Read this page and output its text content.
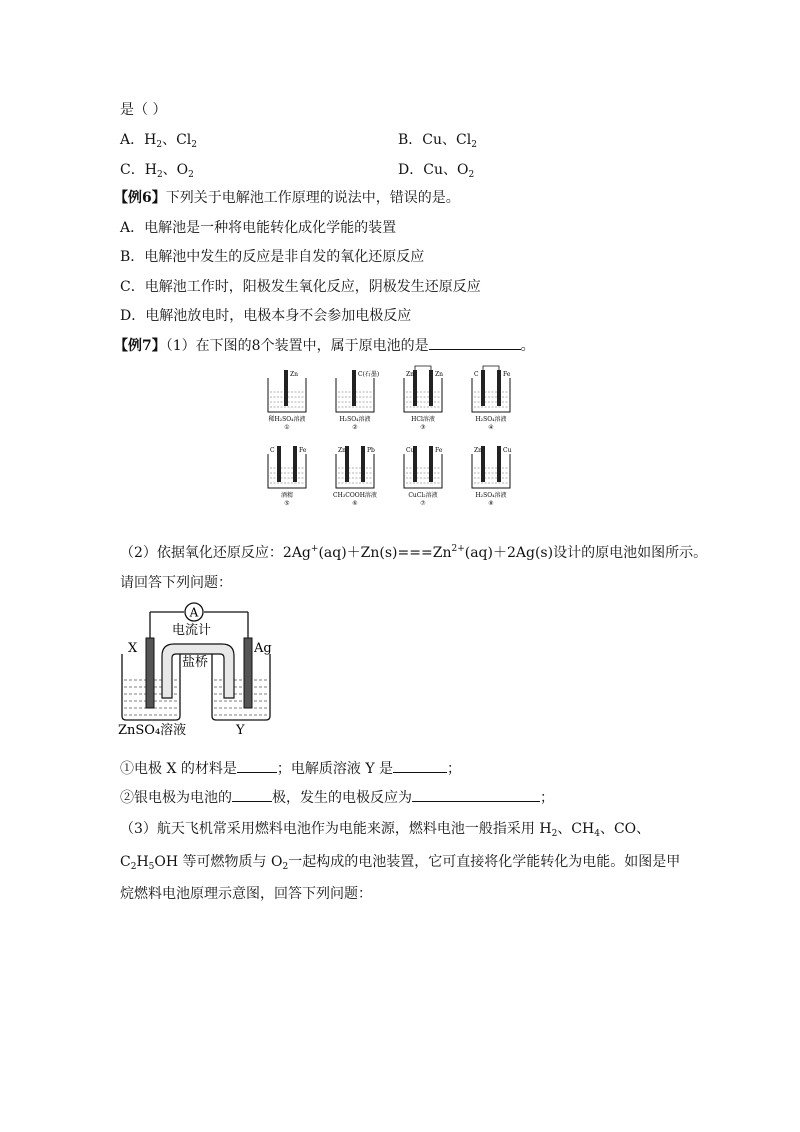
是（ ）
A．$H_2$、$Cl_2$	B．Cu、$Cl_2$
C．$H_2$、$O_2$	D．Cu、$O_2$
【例6】下列关于电解池工作原理的说法中，错误的是。
A．电解池是一种将电能转化成化学能的装置
B．电解池中发生的反应是非自发的氧化还原反应
C．电解池工作时，阳极发生氧化反应，阴极发生还原反应
D．电解池放电时，电极本身不会参加电极反应
【例7】（1）在下图的8个装置中，属于原电池的是	。
Zn
稀H₂SO₄溶液
①
C(石墨)
H₂SO₄溶液
②
Zn	Zn
HCl溶液
③
C	Fe
H₂SO₄溶液
④
C	Fe
酒精
⑤
Zn	Pb
CH₃COOH溶液
⑥
Cu	Fe
CuCl₂溶液
⑦
Zn	Cu
H₂SO₄溶液
⑧
（2）依据氧化还原反应：$2Ag^+(aq)+Zn(s)===Zn^{2+}(aq)+2Ag(s)$设计的原电池如图所示。
请回答下列问题：
A
电流计
盐桥
X	Ag
ZnSO₄溶液	Y
①电极 X 的材料是	；电解质溶液 Y 是	；
②银电极为电池的	极，发生的电极反应为	；
（3）航天飞机常采用燃料电池作为电能来源，燃料电池一般指采用 $H_2$、$CH_4$、CO、
$C_2H_5OH$ 等可燃物质与 $O_2$一起构成的电池装置，它可直接将化学能转化为电能。如图是甲
烷燃料电池原理示意图，回答下列问题：
